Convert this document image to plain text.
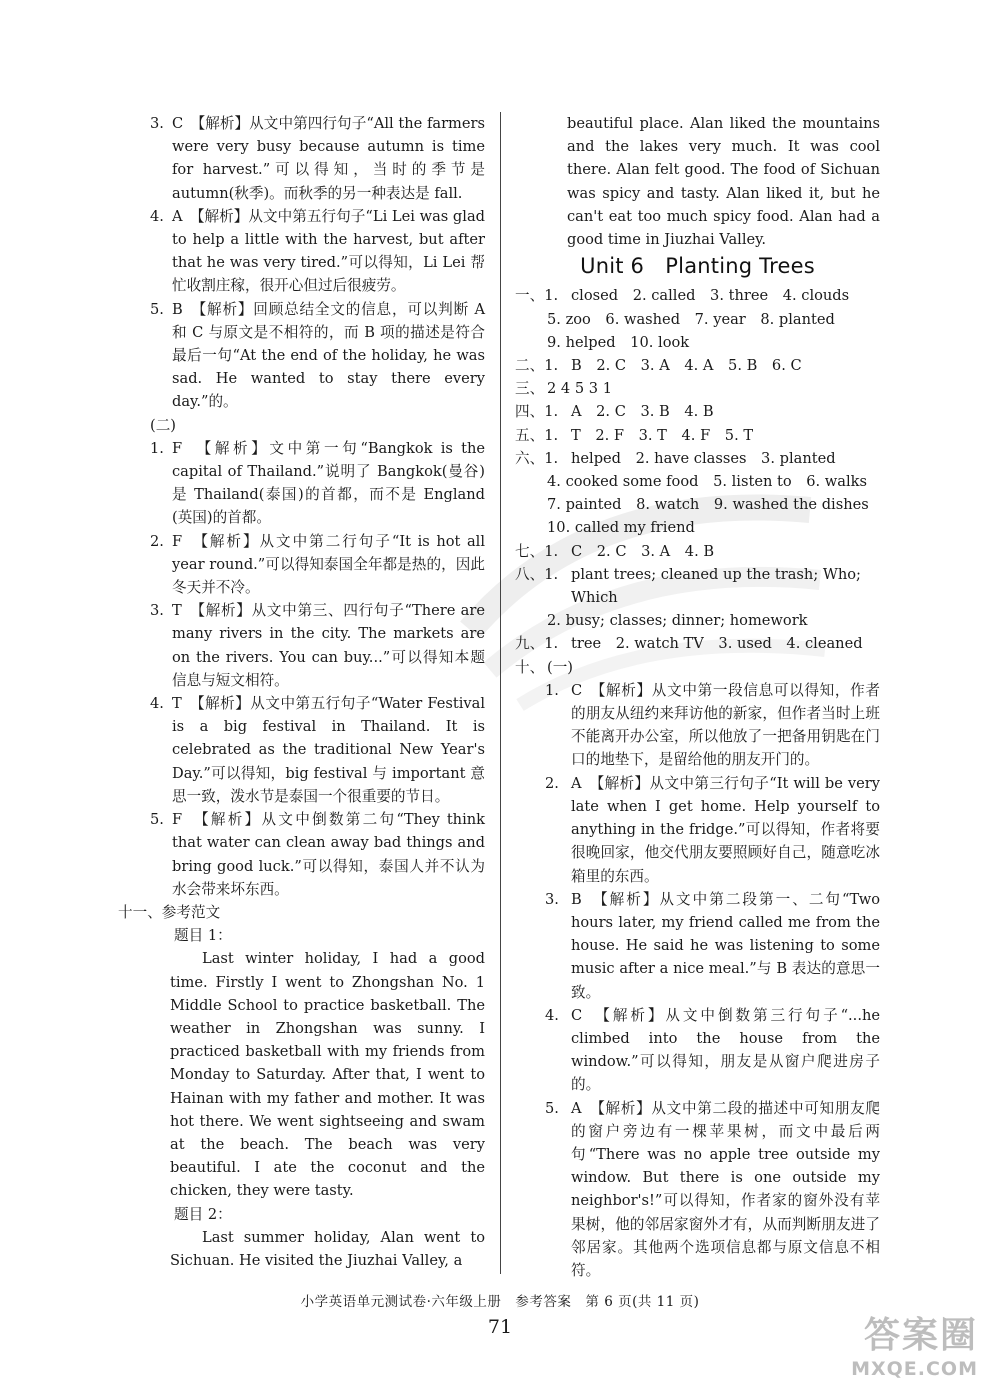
3. C　【解析】从文中第四行句子“All the farmers were very busy because autumn is time for harvest.”可以得知，当时的季节是 autumn(秋季)。而秋季的另一种表达是 fall.
4. A　【解析】从文中第五行句子“Li Lei was glad to help a little with the harvest, but after that he was very tired.”可以得知，Li Lei 帮忙收割庄稼，很开心但过后很疲劳。
5. B　【解析】回顾总结全文的信息，可以判断 A 和 C 与原文是不相符的，而 B 项的描述是符合最后一句“At the end of the holiday, he was sad. He wanted to stay there every day.”的。

(二)

1. F　【解析】文中第一句“Bangkok is the capital of Thailand.”说明了 Bangkok(曼谷)是 Thailand(泰国)的首都，而不是 England (英国)的首都。
2. F　【解析】从文中第二行句子“It is hot all year round.”可以得知泰国全年都是热的，因此冬天并不冷。
3. T　【解析】从文中第三、四行句子“There are many rivers in the city. The markets are on the rivers. You can buy...”可以得知本题信息与短文相符。
4. T　【解析】从文中第五行句子“Water Festival is a big festival in Thailand. It is celebrated as the traditional New Year's Day.”可以得知，big festival 与 important 意思一致，泼水节是泰国一个很重要的节日。
5. F　【解析】从文中倒数第二句“They think that water can clean away bad things and bring good luck.”可以得知，泰国人并不认为水会带来坏东西。

十一、参考范文

题目 1：

Last winter holiday, I had a good time. Firstly I went to Zhongshan No. 1 Middle School to practice basketball. The weather in Zhongshan was sunny. I practiced basketball with my friends from Monday to Saturday. After that, I went to Hainan with my father and mother. It was hot there. We went sightseeing and swam at the beach. The beach was very beautiful. I ate the coconut and the chicken, they were tasty.

题目 2：

Last summer holiday, Alan went to Sichuan. He visited the Jiuzhai Valley, a

beautiful place. Alan liked the mountains and the lakes very much. It was cool there. Alan felt good. The food of Sichuan was spicy and tasty. Alan liked it, but he can't eat too much spicy food. Alan had a good time in Jiuzhai Valley.

Unit 6　Planting Trees
一、1. closed　2. called　3. three　4. clouds

5. zoo　6. washed　7. year　8. planted

9. helped　10. look

二、1. B　2. C　3. A　4. A　5. B　6. C
三、 2 4 5 3 1
四、1. A　2. C　3. B　4. B
五、1. T　2. F　3. T　4. F　5. T
六、1. helped　2. have classes　3. planted

4. cooked some food　5. listen to　6. walks

7. painted　8. watch　9. washed the dishes

10. called my friend

七、1. C　2. C　3. A　4. B
八、1. plant trees; cleaned up the trash; Who;

Which

2. busy; classes; dinner; homework

九、1. tree　2. watch TV　3. used　4. cleaned
十、 (一)
1. C　【解析】从文中第一段信息可以得知，作者的朋友从纽约来拜访他的新家，但作者当时上班不能离开办公室，所以他放了一把备用钥匙在门口的地垫下，是留给他的朋友开门的。
2. A　【解析】从文中第三行句子“It will be very late when I get home. Help yourself to anything in the fridge.”可以得知，作者将要很晚回家，他交代朋友要照顾好自己，随意吃冰箱里的东西。
3. B　【解析】从文中第二段第一、二句“Two hours later, my friend called me from the house. He said he was listening to some music after a nice meal.”与 B 表达的意思一致。
4. C　【解析】从文中倒数第三行句子“...he climbed into the house from the window.”可以得知，朋友是从窗户爬进房子的。
5. A　【解析】从文中第二段的描述中可知朋友爬的窗户旁边有一棵苹果树，而文中最后两句“There was no apple tree outside my window. But there is one outside my neighbor's!”可以得知，作者家的窗外没有苹果树，他的邻居家窗外才有，从而判断朋友进了邻居家。其他两个选项信息都与原文信息不相符。
小学英语单元测试卷·六年级上册　参考答案　第 6 页(共 11 页)
71	答案圈
MXQE.COM
